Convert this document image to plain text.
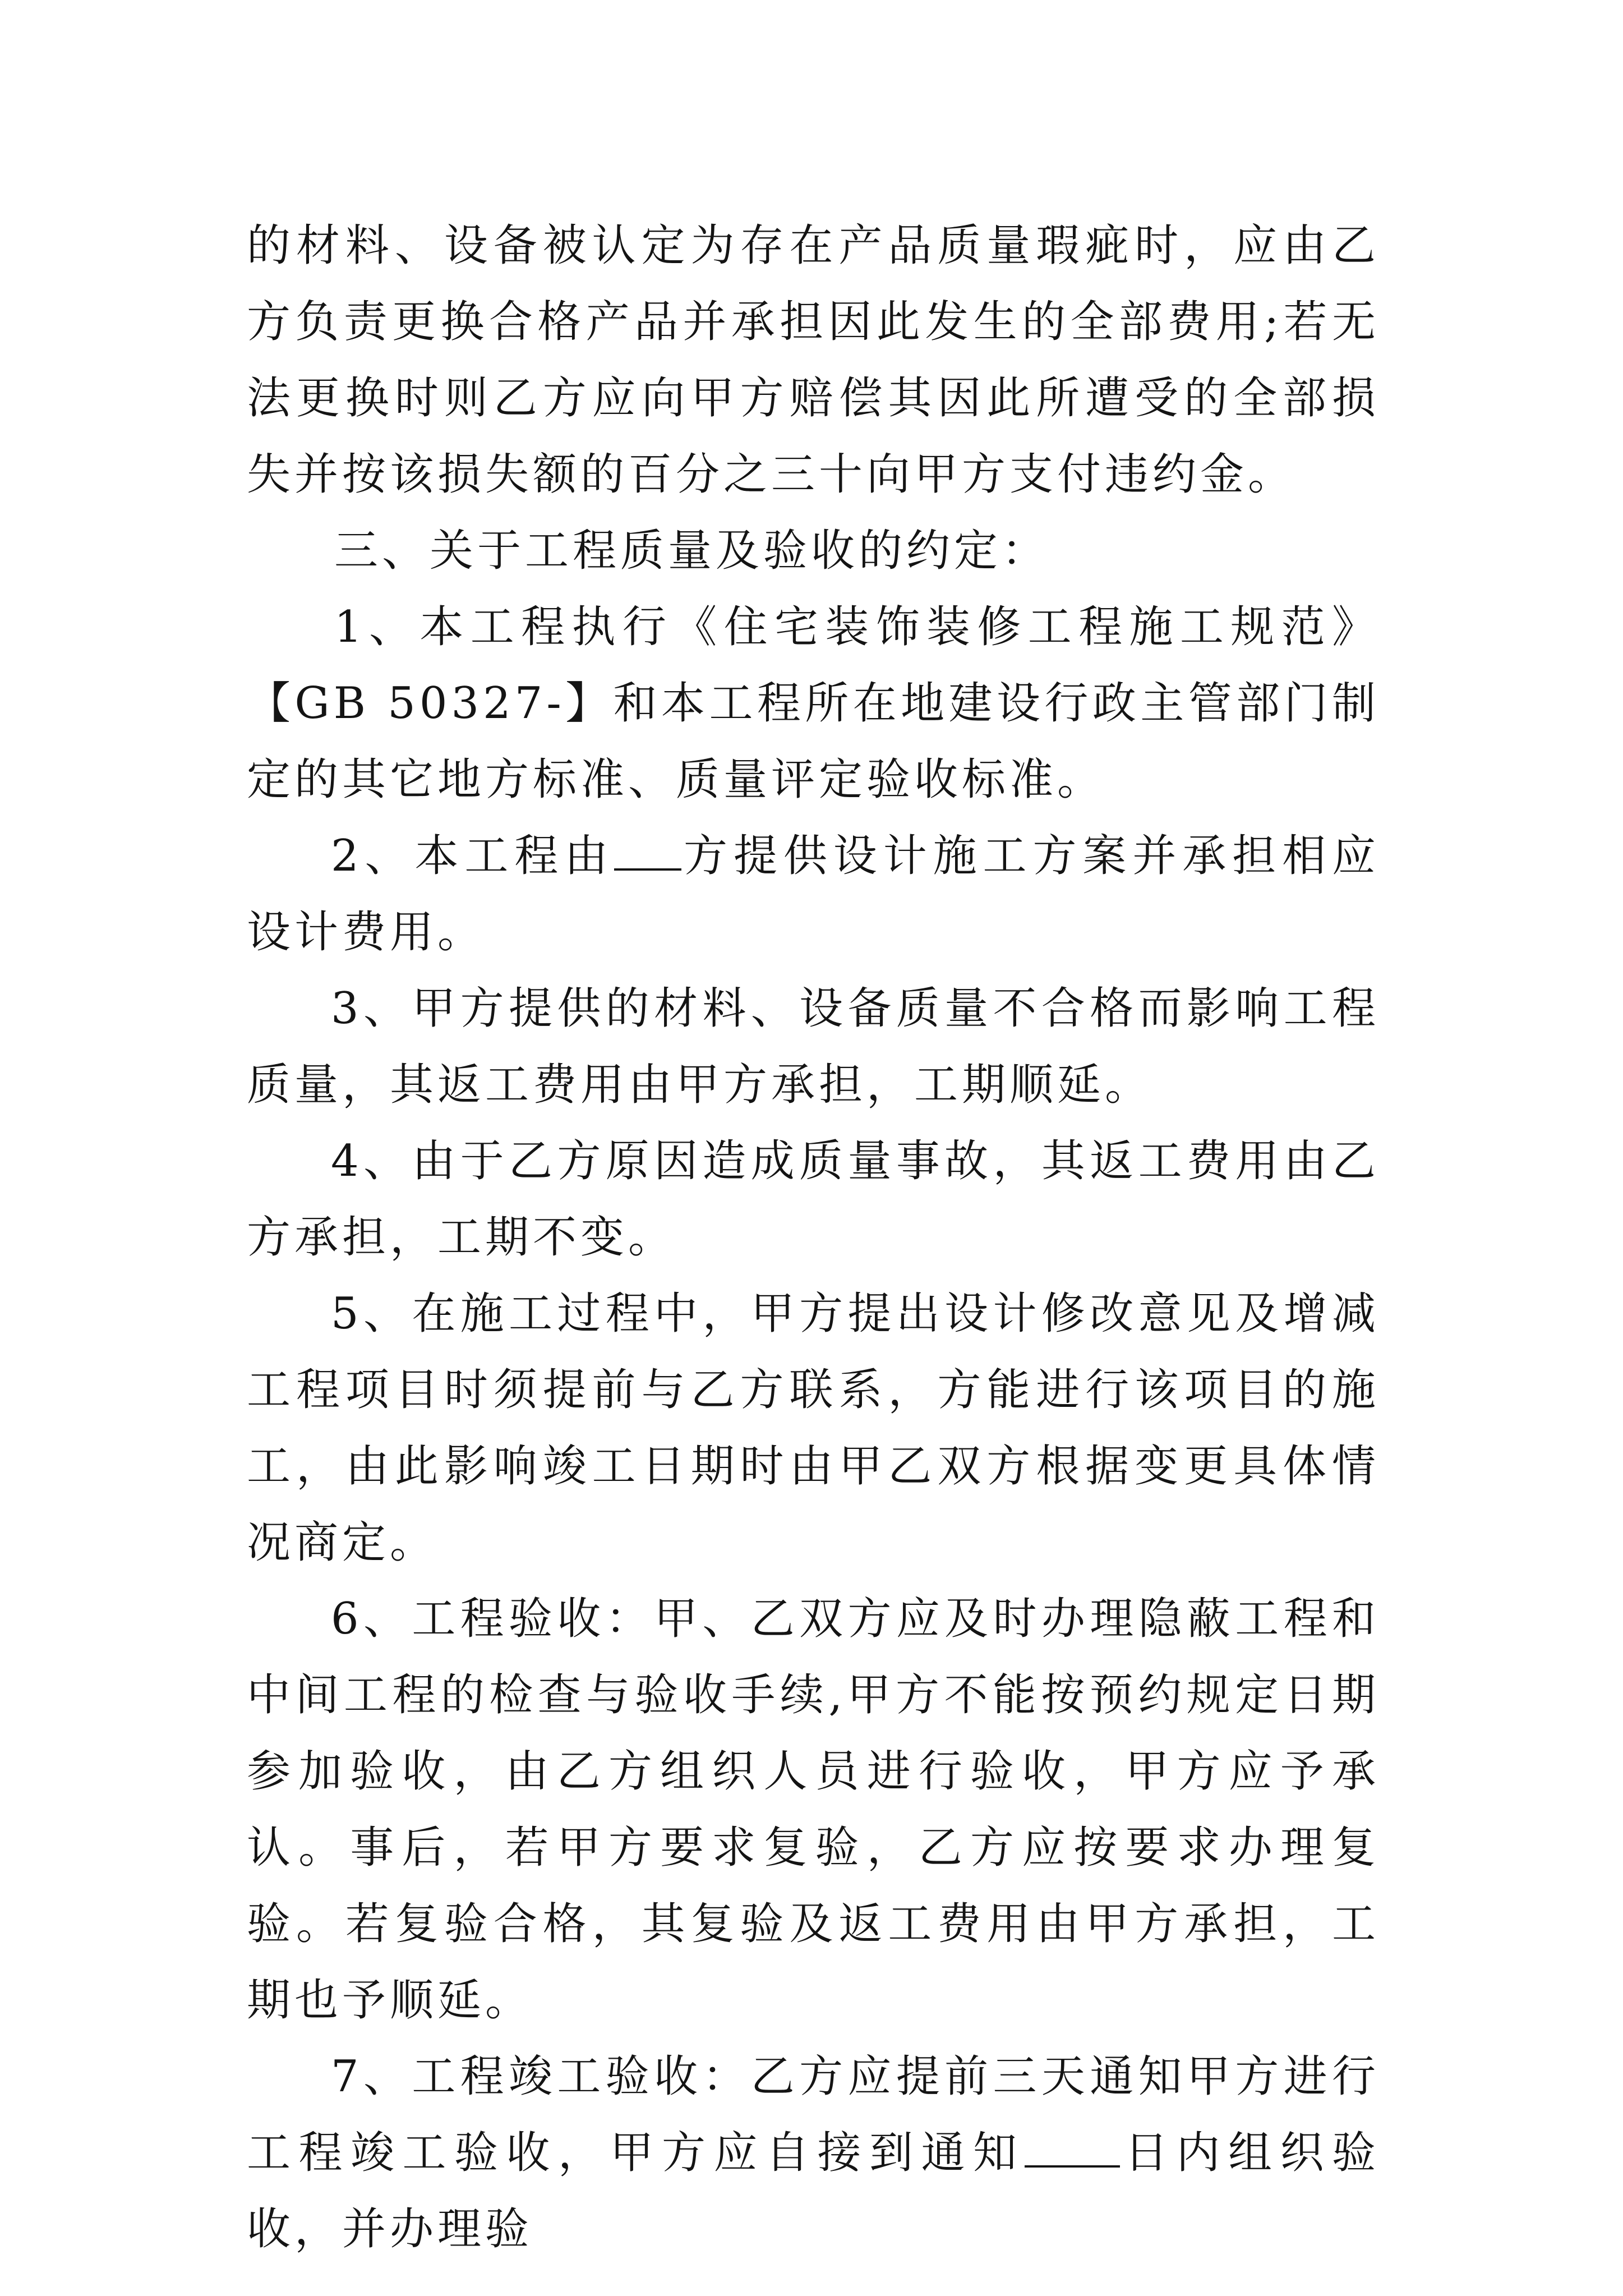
的材料、设备被认定为存在产品质量瑕疵时，应由乙方负责更换合格产品并承担因此发生的全部费用;若无法更换时则乙方应向甲方赔偿其因此所遭受的全部损失并按该损失额的百分之三十向甲方支付违约金。

三、关于工程质量及验收的约定：

1、本工程执行《住宅装饰装修工程施工规范》【GB 50327-】和本工程所在地建设行政主管部门制定的其它地方标准、质量评定验收标准。

2、本工程由 方提供设计施工方案并承担相应设计费用。

3、甲方提供的材料、设备质量不合格而影响工程质量，其返工费用由甲方承担，工期顺延。

4、由于乙方原因造成质量事故，其返工费用由乙方承担，工期不变。

5、在施工过程中，甲方提出设计修改意见及增减工程项目时须提前与乙方联系，方能进行该项目的施工，由此影响竣工日期时由甲乙双方根据变更具体情况商定。

6、工程验收：甲、乙双方应及时办理隐蔽工程和中间工程的检查与验收手续,甲方不能按预约规定日期参加验收，由乙方组织人员进行验收，甲方应予承认。事后，若甲方要求复验，乙方应按要求办理复验。若复验合格，其复验及返工费用由甲方承担，工期也予顺延。

7、工程竣工验收：乙方应提前三天通知甲方进行工程竣工验收，甲方应自接到通知 日内组织验收，并办理验
